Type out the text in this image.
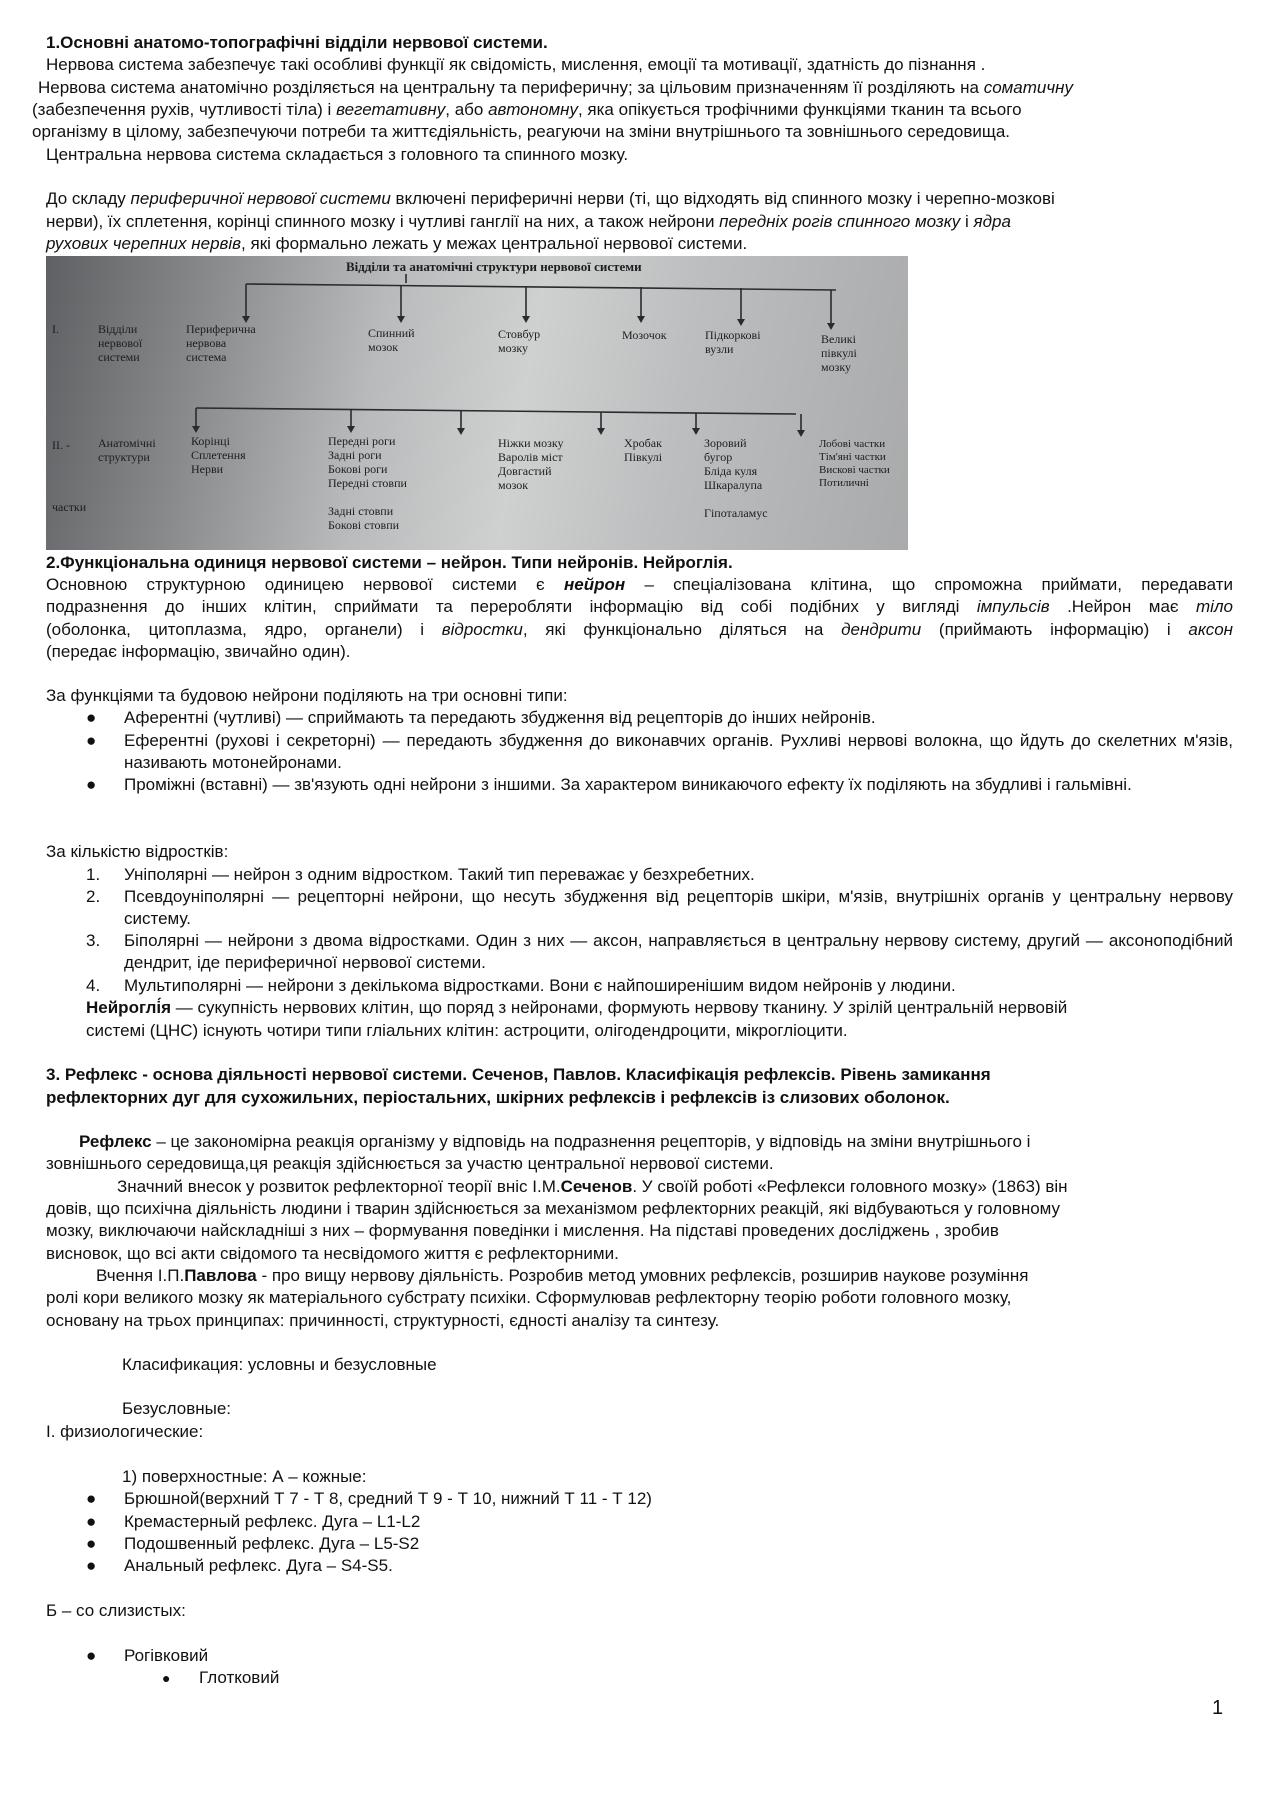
1.Основні анатомо-топографічні відділи нервової системи.
Нервова система забезпечує такі особливі функції як свідомість, мислення, емоції та мотивації, здатність до пізнання .
Нервова система анатомічно розділяється на центральну та периферичну; за цільовим призначенням її розділяють на соматичну
(забезпечення рухів, чутливості тіла) і вегетативну, або автономну, яка опікується трофічними функціями тканин та всього
організму в цілому, забезпечуючи потреби та життєдіяльність, реагуючи на зміни внутрішнього та зовнішнього середовища.
Центральна нервова система складається з головного та спинного мозку.
До складу периферичної нервової системи включені периферичні нерви (ті, що відходять від спинного мозку і черепно-мозкові
нерви), їх сплетення, корінці спинного мозку і чутливі ганглії на них, а також нейрони передніх рогів спинного мозку і ядра
рухових черепних нервів, які формально лежать у межах центральної нервової системи.
Відділи та анатомічні структури нервової системи
I.
II. -
частки
Відділи
нервової
системи
Анатомічні
структури
Периферична
нервова
система
Корінці
Сплетення
Нерви
Спинний
мозок
Передні роги
Задні роги
Бокові роги
Передні стовпи
Задні стовпи
Бокові стовпи
Стовбур
мозку
Ніжки мозку
Варолів міст
Довгастий
мозок
Мозочок
Хробак
Півкулі
Підкоркові
вузли
Зоровий
бугор
Бліда куля
Шкаралупа
Гіпоталамус
Великі
півкулі
мозку
Лобові частки
Тім'яні частки
Вискові частки
Потиличні
2.Функціональна одиниця нервової системи – нейрон. Типи нейронів. Нейроглія.
Основною структурною одиницею нервової системи є нейрон – спеціалізована клітина, що спроможна приймати, передавати
подразнення до інших клітин, сприймати та переробляти інформацію від собі подібних у вигляді імпульсів .Нейрон має тіло
(оболонка, цитоплазма, ядро, органели) і відростки, які функціонально діляться на дендрити (приймають інформацію) і аксон
(передає інформацію, звичайно один).
За функціями та будовою нейрони поділяють на три основні типи:
● Аферентні (чутливі) — сприймають та передають збудження від рецепторів до інших нейронів.
● Еферентні (рухові і секреторні) — передають збудження до виконавчих органів. Рухливі нервові волокна, що йдуть до скелетних м'язів, називають мотонейронами.
● Проміжні (вставні) — зв'язують одні нейрони з іншими. За характером виникаючого ефекту їх поділяють на збудливі і гальмівні.
За кількістю відростків:
1. Уніполярні — нейрон з одним відростком. Такий тип переважає у безхребетних.
2. Псевдоуніполярні — рецепторні нейрони, що несуть збудження від рецепторів шкіри, м'язів, внутрішніх органів у центральну нервову систему.
3. Біполярні — нейрони з двома відростками. Один з них — аксон, направляється в центральну нервову систему, другий — аксоноподібний дендрит, іде периферичної нервової системи.
4. Мультиполярні — нейрони з декількома відростками. Вони є найпоширенішим видом нейронів у людини.
Нейроглі́я — сукупність нервових клітин, що поряд з нейронами, формують нервову тканину. У зрілій центральній нервовій
системі (ЦНС) існують чотири типи гліальних клітин: астроцити, олігодендроцити, мікрогліоцити.
3. Рефлекс - основа діяльності нервової системи. Сеченов, Павлов. Класифікація рефлексів. Рівень замикання
рефлекторних дуг для сухожильних, періостальних, шкірних рефлексів і рефлексів із слизових оболонок.
Рефлекс – це закономірна реакція організму у відповідь на подразнення рецепторів, у відповідь на зміни внутрішнього і
зовнішнього середовища,ця реакція здійснюється за участю центральної нервової системи.
Значний внесок у розвиток рефлекторної теорії вніс І.М.Сеченов. У своїй роботі «Рефлекси головного мозку» (1863) він
довів, що психічна діяльність людини і тварин здійснюється за механізмом рефлекторних реакцій, які відбуваються у головному
мозку, виключаючи найскладніші з них – формування поведінки і мислення. На підставі проведених досліджень , зробив
висновок, що всі акти свідомого та несвідомого життя є рефлекторними.
Вчення І.П.Павлова - про вищу нервову діяльність. Розробив метод умовних рефлексів, розширив наукове розуміння
ролі кори великого мозку як матеріального субстрату психіки. Сформулював рефлекторну теорію роботи головного мозку,
основану на трьох принципах: причинності, структурності, єдності аналізу та синтезу.
Класификация: условны и безусловные
Безусловные:
I. физиологические:
1) поверхностные: А – кожные:
● Брюшной(верхний Т 7 - Т 8, средний Т 9 - Т 10, нижний Т 11 - Т 12)
● Кремастерный рефлекс. Дуга – L1-L2
● Подошвенный рефлекс. Дуга – L5-S2
● Анальный рефлекс. Дуга – S4-S5.
Б – со слизистых:
● Рогівковий
● Глотковий
1
